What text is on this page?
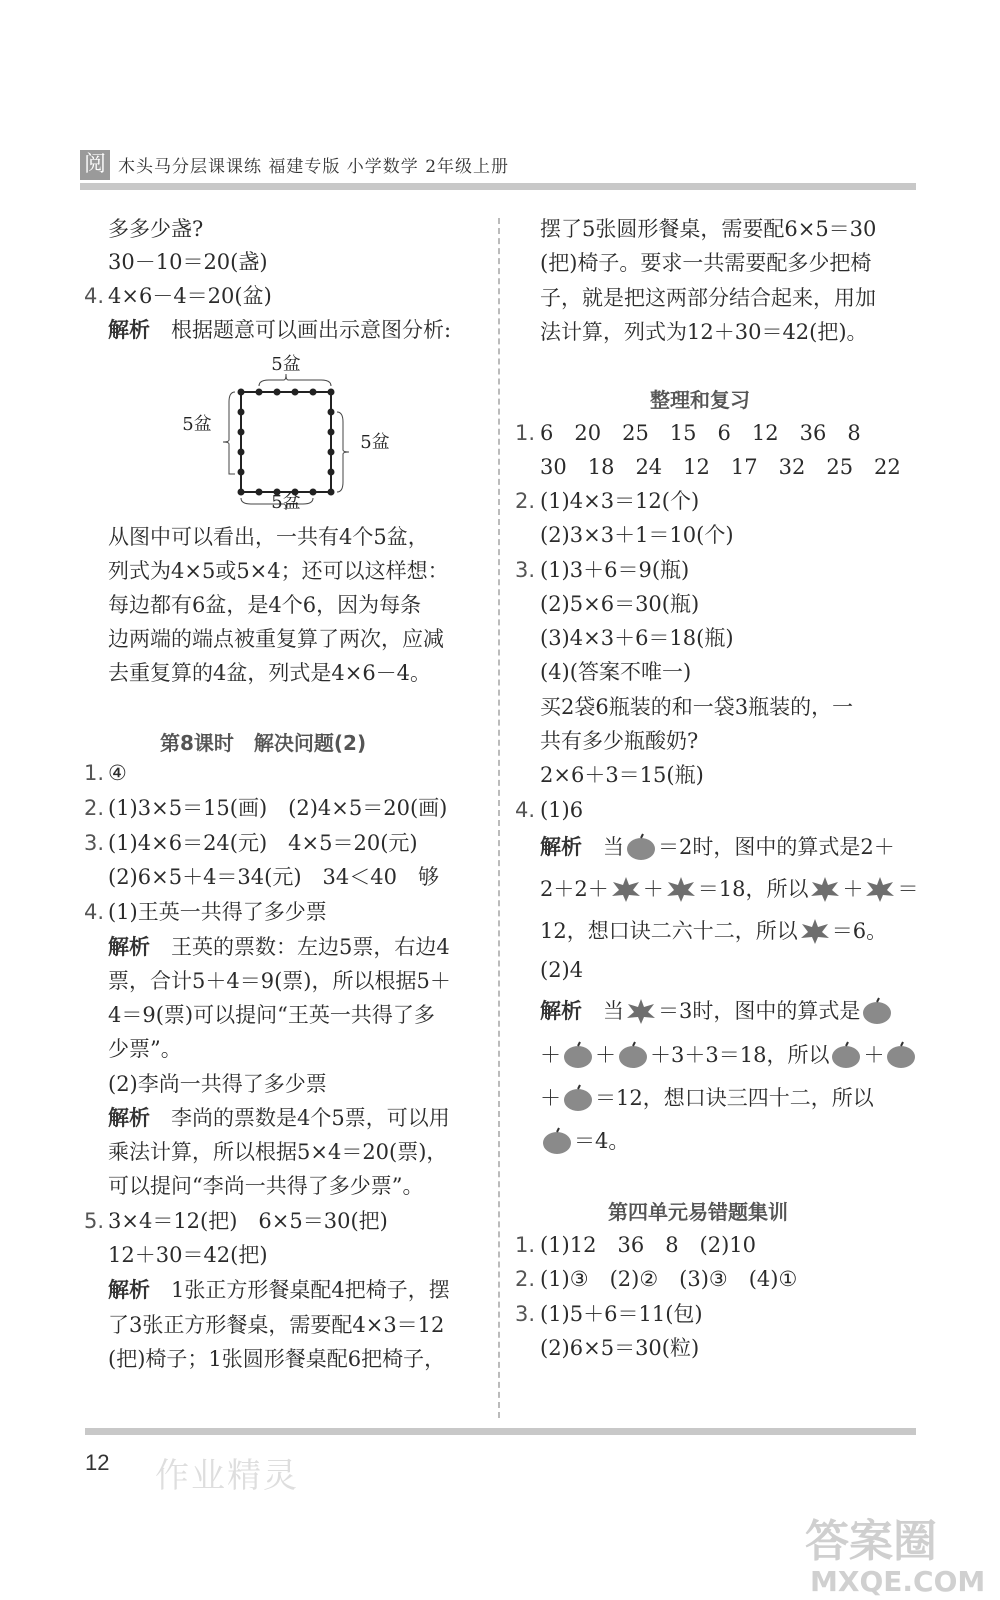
阅 木头马分层课课练 福建专版 小学数学 2年级上册
多多少盏?
30－10＝20(盏)
4. 4×6－4＝20(盆)
解析　 根据题意可以画出示意图分析:
5盆
5盆
5盆
5盆
从图中可以看出，一共有4个5盆，
列式为4×5或5×4；还可以这样想：
每边都有6盆，是4个6，因为每条
边两端的端点被重复算了两次，应减
去重复算的4盆，列式是4×6－4。
第8课时　解决问题(2)
1. ④
2. (1)3×5＝15(画)　(2)4×5＝20(画)
3. (1)4×6＝24(元)　4×5＝20(元)
(2)6×5＋4＝34(元)　34＜40　够
4. (1)王英一共得了多少票
解析　 王英的票数：左边5票，右边4
票，合计5＋4＝9(票)，所以根据5＋
4＝9(票)可以提问“王英一共得了多
少票”。
(2)李尚一共得了多少票
解析　 李尚的票数是4个5票，可以用
乘法计算，所以根据5×4＝20(票)，
可以提问“李尚一共得了多少票”。
5. 3×4＝12(把)　6×5＝30(把)
12＋30＝42(把)
解析　 1张正方形餐桌配4把椅子，摆
了3张正方形餐桌，需要配4×3＝12
(把)椅子；1张圆形餐桌配6把椅子，
摆了5张圆形餐桌，需要配6×5＝30
(把)椅子。要求一共需要配多少把椅
子，就是把这两部分结合起来，用加
法计算，列式为12＋30＝42(把)。
整理和复习
1. 6　20　25　15　6　12　36　8
30　18　24　12　17　32　25　22
2. (1)4×3＝12(个)
(2)3×3＋1＝10(个)
3. (1)3＋6＝9(瓶)
(2)5×6＝30(瓶)
(3)4×3＋6＝18(瓶)
(4)(答案不唯一)
买2袋6瓶装的和一袋3瓶装的，一
共有多少瓶酸奶?
2×6＋3＝15(瓶)
4. (1)6
解析　 当 ＝2时，图中的算式是2＋
2＋2＋ ＋ ＝18，所以 ＋ ＝
12，想口诀二六十二，所以 ＝6。
(2)4
解析　 当 ＝3时，图中的算式是
＋ ＋ ＋3＋3＝18，所以 ＋
＋ ＝12，想口诀三四十二，所以
＝4。
第四单元易错题集训
1. (1)12　36　8　(2)10
2. (1)③　(2)②　(3)③　(4)①
3. (1)5＋6＝11(包)
(2)6×5＝30(粒)
12 作业精灵
答案圈
MXQE.COM
